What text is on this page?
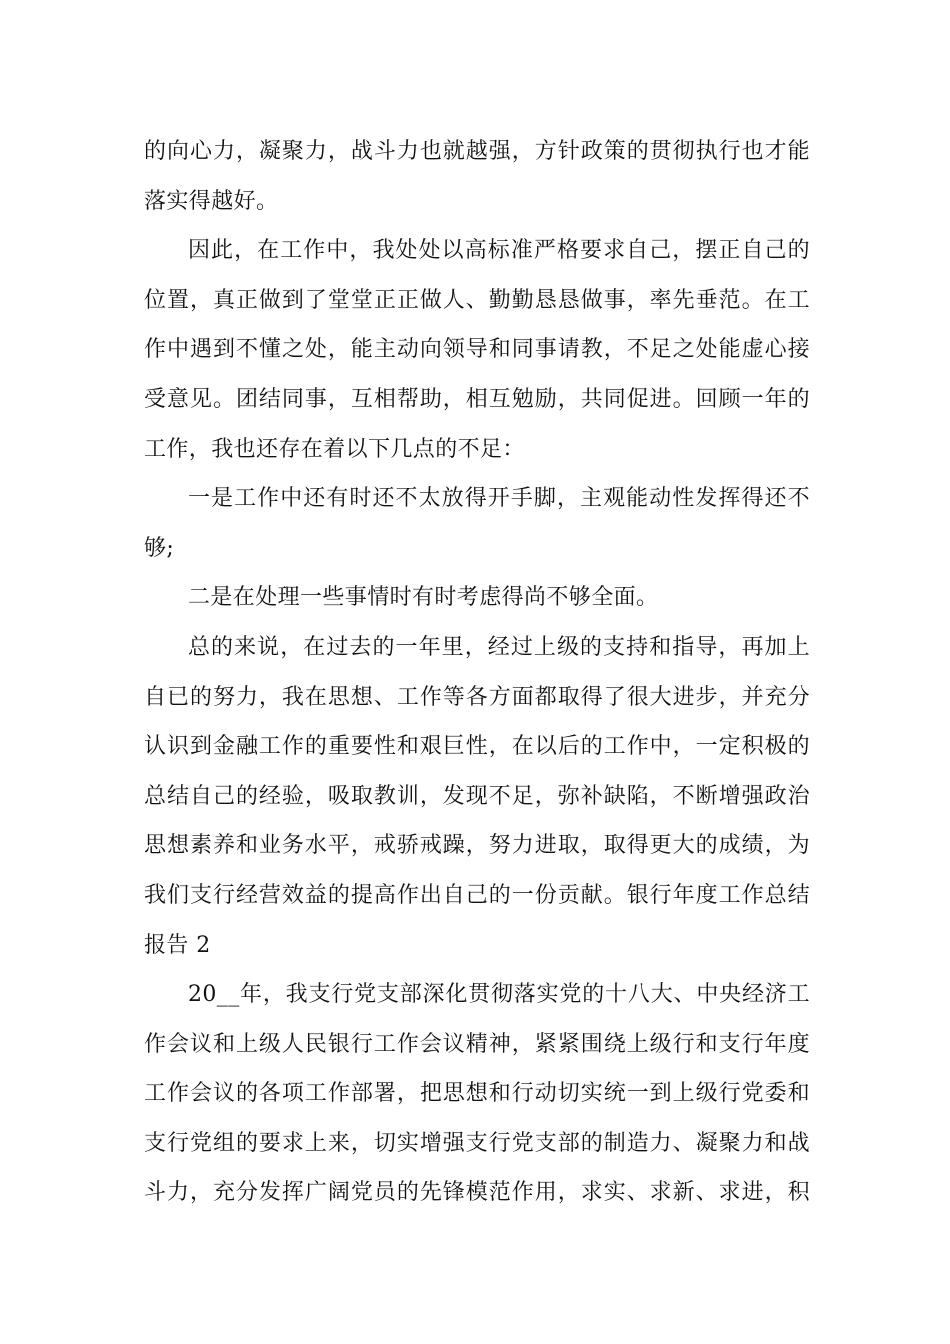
的向心力，凝聚力，战斗力也就越强，方针政策的贯彻执行也才能
落实得越好。
因此，在工作中，我处处以高标准严格要求自己，摆正自己的
位置，真正做到了堂堂正正做人、勤勤恳恳做事，率先垂范。在工
作中遇到不懂之处，能主动向领导和同事请教，不足之处能虚心接
受意见。团结同事，互相帮助，相互勉励，共同促进。回顾一年的
工作，我也还存在着以下几点的不足：
一是工作中还有时还不太放得开手脚，主观能动性发挥得还不
够;
二是在处理一些事情时有时考虑得尚不够全面。
总的来说，在过去的一年里，经过上级的支持和指导，再加上
自已的努力，我在思想、工作等各方面都取得了很大进步，并充分
认识到金融工作的重要性和艰巨性，在以后的工作中，一定积极的
总结自己的经验，吸取教训，发现不足，弥补缺陷，不断增强政治
思想素养和业务水平，戒骄戒躁，努力进取，取得更大的成绩，为
我们支行经营效益的提高作出自己的一份贡献。银行年度工作总结
报告 2
20__年，我支行党支部深化贯彻落实党的十八大、中央经济工
作会议和上级人民银行工作会议精神，紧紧围绕上级行和支行年度
工作会议的各项工作部署，把思想和行动切实统一到上级行党委和
支行党组的要求上来，切实增强支行党支部的制造力、凝聚力和战
斗力，充分发挥广阔党员的先锋模范作用，求实、求新、求进，积
